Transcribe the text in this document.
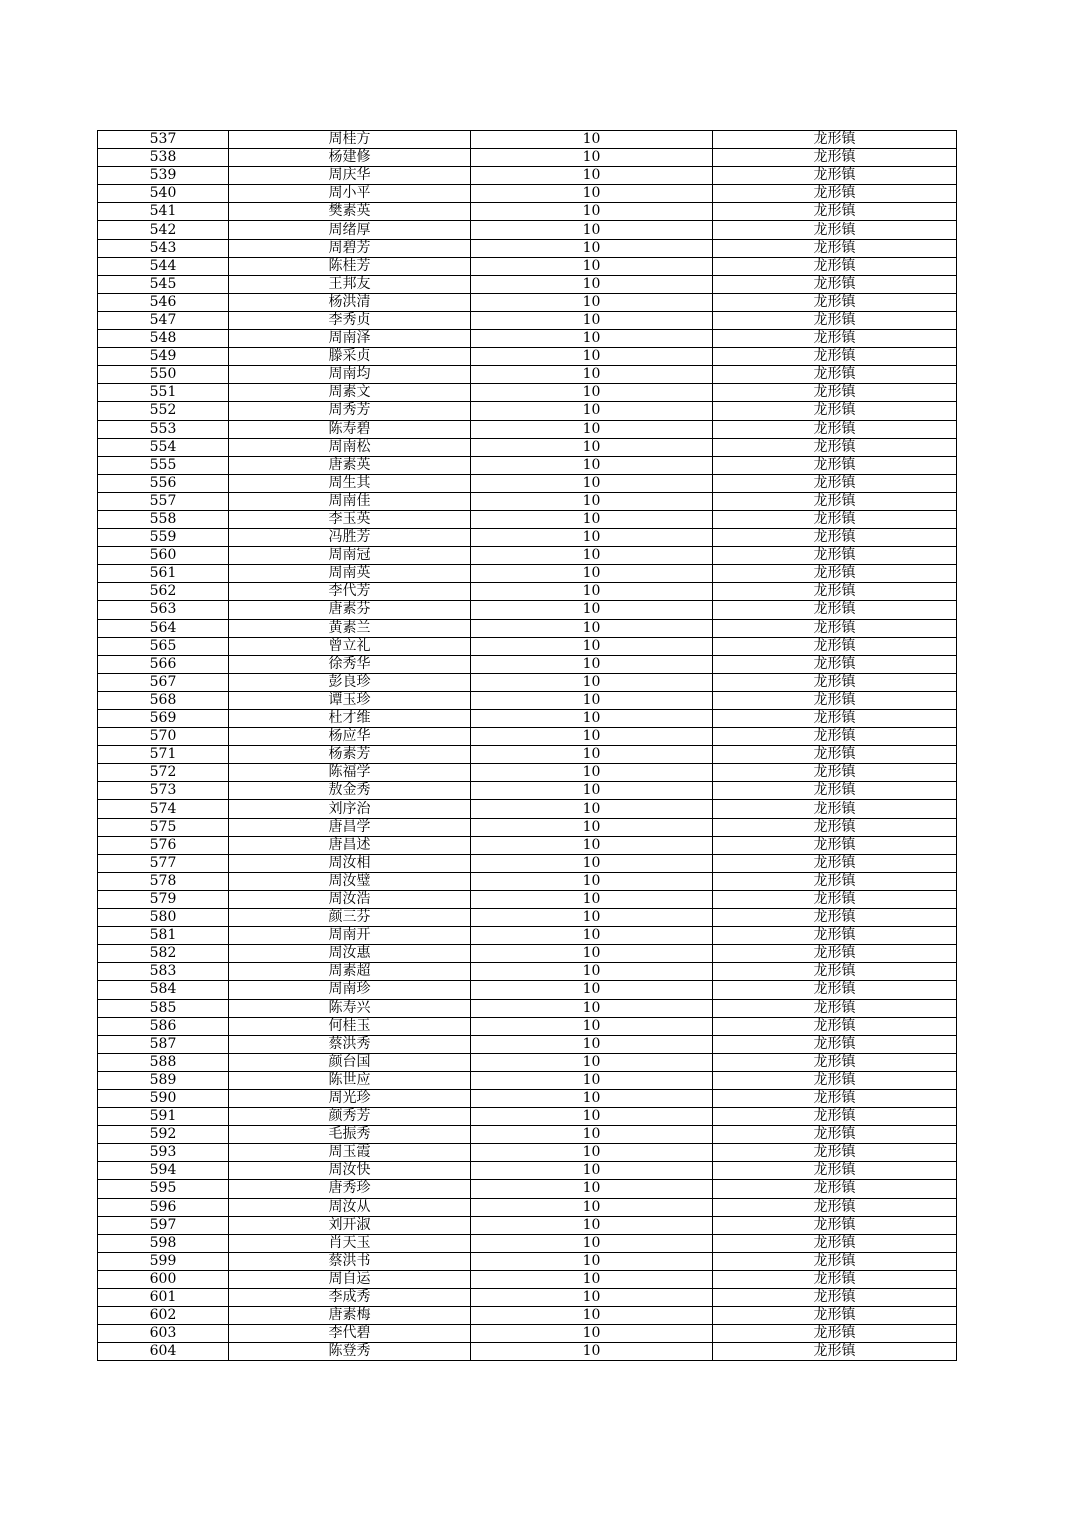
537	周桂方	10	龙形镇
538	杨建修	10	龙形镇
539	周庆华	10	龙形镇
540	周小平	10	龙形镇
541	樊素英	10	龙形镇
542	周绪厚	10	龙形镇
543	周碧芳	10	龙形镇
544	陈桂芳	10	龙形镇
545	王邦友	10	龙形镇
546	杨洪清	10	龙形镇
547	李秀贞	10	龙形镇
548	周南泽	10	龙形镇
549	滕采贞	10	龙形镇
550	周南均	10	龙形镇
551	周素文	10	龙形镇
552	周秀芳	10	龙形镇
553	陈寿碧	10	龙形镇
554	周南松	10	龙形镇
555	唐素英	10	龙形镇
556	周生其	10	龙形镇
557	周南佳	10	龙形镇
558	李玉英	10	龙形镇
559	冯胜芳	10	龙形镇
560	周南冠	10	龙形镇
561	周南英	10	龙形镇
562	李代芳	10	龙形镇
563	唐素芬	10	龙形镇
564	黄素兰	10	龙形镇
565	曾立礼	10	龙形镇
566	徐秀华	10	龙形镇
567	彭良珍	10	龙形镇
568	谭玉珍	10	龙形镇
569	杜才维	10	龙形镇
570	杨应华	10	龙形镇
571	杨素芳	10	龙形镇
572	陈福学	10	龙形镇
573	敖金秀	10	龙形镇
574	刘序治	10	龙形镇
575	唐昌学	10	龙形镇
576	唐昌述	10	龙形镇
577	周汝相	10	龙形镇
578	周汝璧	10	龙形镇
579	周汝浩	10	龙形镇
580	颜三芬	10	龙形镇
581	周南开	10	龙形镇
582	周汝惠	10	龙形镇
583	周素超	10	龙形镇
584	周南珍	10	龙形镇
585	陈寿兴	10	龙形镇
586	何桂玉	10	龙形镇
587	蔡洪秀	10	龙形镇
588	颜台国	10	龙形镇
589	陈世应	10	龙形镇
590	周光珍	10	龙形镇
591	颜秀芳	10	龙形镇
592	毛振秀	10	龙形镇
593	周玉霞	10	龙形镇
594	周汝快	10	龙形镇
595	唐秀珍	10	龙形镇
596	周汝从	10	龙形镇
597	刘开淑	10	龙形镇
598	肖天玉	10	龙形镇
599	蔡洪书	10	龙形镇
600	周自运	10	龙形镇
601	李成秀	10	龙形镇
602	唐素梅	10	龙形镇
603	李代碧	10	龙形镇
604	陈登秀	10	龙形镇
